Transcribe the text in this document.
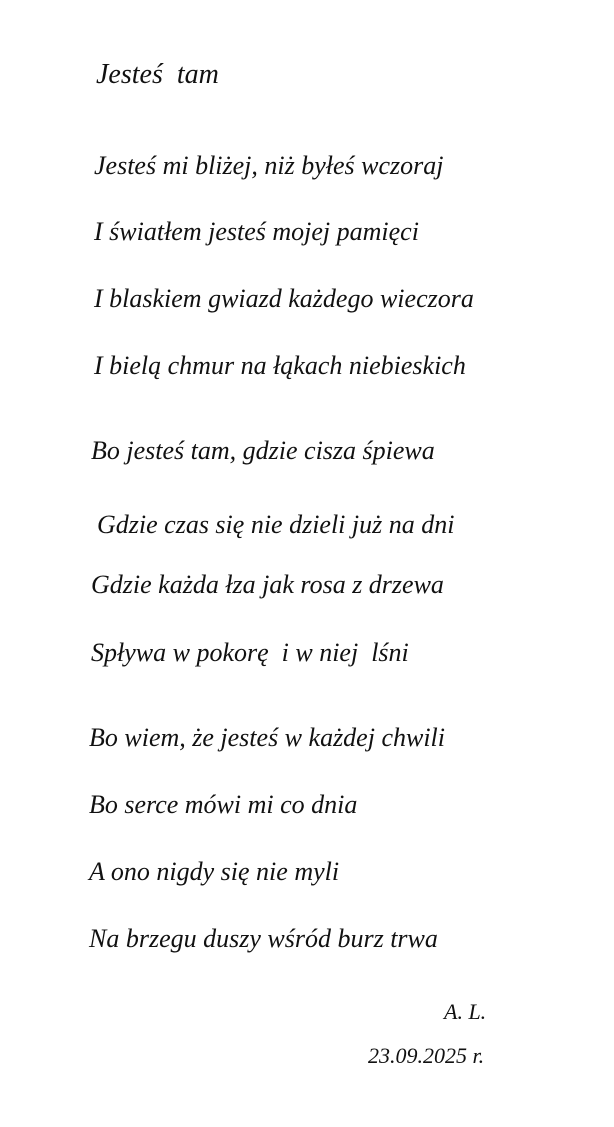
Jesteś  tam
Jesteś mi bliżej, niż byłeś wczoraj
I światłem jesteś mojej pamięci
I blaskiem gwiazd każdego wieczora
I bielą chmur na łąkach niebieskich
Bo jesteś tam, gdzie cisza śpiewa
Gdzie czas się nie dzieli już na dni
Gdzie każda łza jak rosa z drzewa
Spływa w pokorę  i w niej  lśni
Bo wiem, że jesteś w każdej chwili
Bo serce mówi mi co dnia
A ono nigdy się nie myli
Na brzegu duszy wśród burz trwa
A. L.
23.09.2025 r.
